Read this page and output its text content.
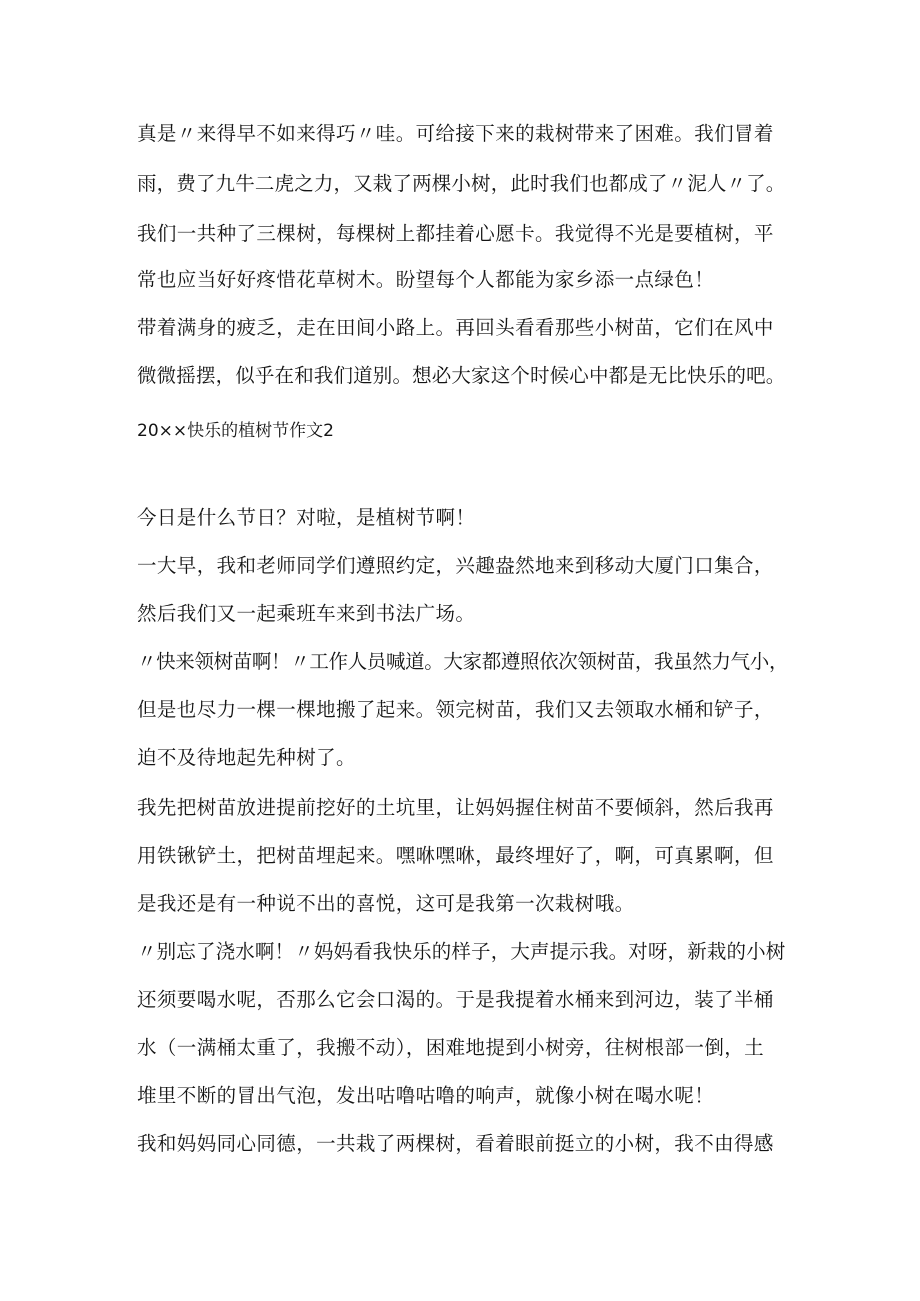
真是〃来得早不如来得巧〃哇。可给接下来的栽树带来了困难。我们冒着
雨，费了九牛二虎之力，又栽了两棵小树，此时我们也都成了〃泥人〃了。
我们一共种了三棵树，每棵树上都挂着心愿卡。我觉得不光是要植树，平
常也应当好好疼惜花草树木。盼望每个人都能为家乡添一点绿色！
带着满身的疲乏，走在田间小路上。再回头看看那些小树苗，它们在风中
微微摇摆，似乎在和我们道别。想必大家这个时候心中都是无比快乐的吧。
20××快乐的植树节作文2
今日是什么节日？对啦，是植树节啊！
一大早，我和老师同学们遵照约定，兴趣盎然地来到移动大厦门口集合，
然后我们又一起乘班车来到书法广场。
〃快来领树苗啊！〃工作人员喊道。大家都遵照依次领树苗，我虽然力气小，
但是也尽力一棵一棵地搬了起来。领完树苗，我们又去领取水桶和铲子，
迫不及待地起先种树了。
我先把树苗放进提前挖好的土坑里，让妈妈握住树苗不要倾斜，然后我再
用铁锹铲土，把树苗埋起来。嘿咻嘿咻，最终埋好了，啊，可真累啊，但
是我还是有一种说不出的喜悦，这可是我第一次栽树哦。
〃别忘了浇水啊！〃妈妈看我快乐的样子，大声提示我。对呀，新栽的小树
还须要喝水呢，否那么它会口渴的。于是我提着水桶来到河边，装了半桶
水（一满桶太重了，我搬不动），困难地提到小树旁，往树根部一倒，土
堆里不断的冒出气泡，发出咕噜咕噜的响声，就像小树在喝水呢！
我和妈妈同心同德，一共栽了两棵树，看着眼前挺立的小树，我不由得感
